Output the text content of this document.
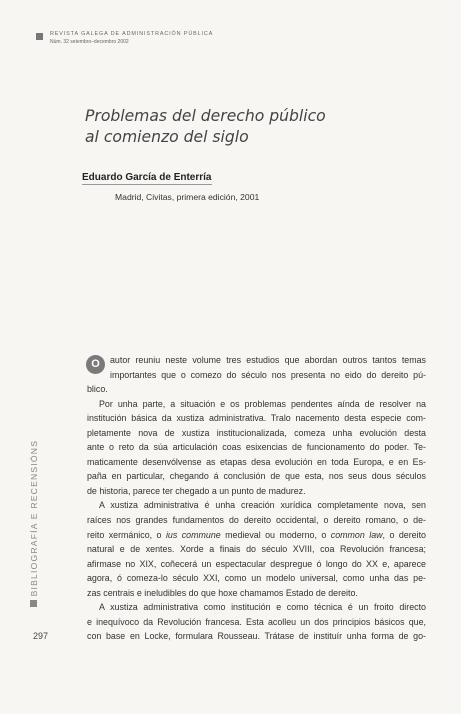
REVISTA GALEGA DE ADMINISTRACIÓN PÚBLICA
Núm. 32 setembro–decembro 2002
Problemas del derecho público
al comienzo del siglo
Eduardo García de Enterría
Madrid, Civitas, primera edición, 2001
BIBLIOGRAFÍA E RECENSIÓNS
297

O	autor reuniu neste volume tres estudios que abordan outros tantos temas
importantes que o comezo do século nos presenta no eido do dereito pú-
blico.

Por unha parte, a situación e os problemas pendentes aínda de resolver na
institución básica da xustiza administrativa. Tralo nacemento desta especie com-
pletamente nova de xustiza institucionalizada, comeza unha evolución desta
ante o reto da súa articulación coas esixencias de funcionamento do poder. Te-
maticamente desenvólvense as etapas desa evolución en toda Europa, e en Es-
paña en particular, chegando á conclusión de que esta, nos seus dous séculos
de historia, parece ter chegado a un punto de madurez.

A xustiza administrativa é unha creación xurídica completamente nova, sen
raíces nos grandes fundamentos do dereito occidental, o dereito romano, o de-
reito xermánico, o ius commune medieval ou moderno, o common law, o dereito
natural e de xentes. Xorde a finais do século XVIII, coa Revolución francesa;
afirmase no XIX, coñecerá un espectacular despregue ó longo do XX e, aparece
agora, ó comeza-lo século XXI, como un modelo universal, como unha das pe-
zas centrais e ineludibles do que hoxe chamamos Estado de dereito.

A xustiza administrativa como institución e como técnica é un froito directo
e inequívoco da Revolución francesa. Esta acolleu un dos principios básicos que,
con base en Locke, formulara Rousseau. Trátase de instituír unha forma de go-
